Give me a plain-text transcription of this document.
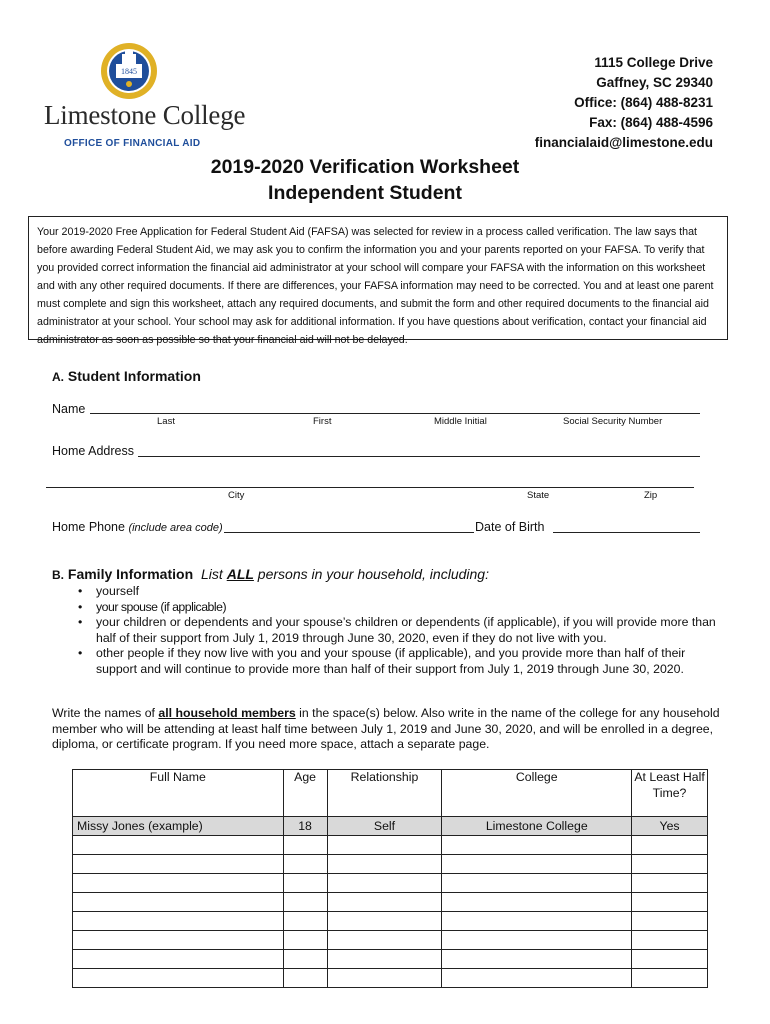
1845
Limestone College
OFFICE OF FINANCIAL AID
1115 College Drive
Gaffney, SC 29340
Office: (864) 488-8231
Fax: (864) 488-4596
financialaid@limestone.edu
2019-2020 Verification Worksheet
Independent Student
Your 2019-2020 Free Application for Federal Student Aid (FAFSA) was selected for review in a process called verification. The law says that before awarding Federal Student Aid, we may ask you to confirm the information you and your parents reported on your FAFSA. To verify that you provided correct information the financial aid administrator at your school will compare your FAFSA with the information on this worksheet and with any other required documents. If there are differences, your FAFSA information may need to be corrected. You and at least one parent must complete and sign this worksheet, attach any required documents, and submit the form and other required documents to the financial aid administrator at your school. Your school may ask for additional information. If you have questions about verification, contact your financial aid administrator as soon as possible so that your financial aid will not be delayed.
A. Student Information
Name
Last	First	Middle Initial	Social Security Number
Home Address
City	State	Zip
Home Phone (include area code)	Date of Birth
B. Family Information List ALL persons in your household, including:
• yourself
• your spouse (if applicable)
• your children or dependents and your spouse’s children or dependents (if applicable), if you will provide more than half of their support from July 1, 2019 through June 30, 2020, even if they do not live with you.
• other people if they now live with you and your spouse (if applicable), and you provide more than half of their support and will continue to provide more than half of their support from July 1, 2019 through June 30, 2020.
Write the names of all household members in the space(s) below. Also write in the name of the college for any household member who will be attending at least half time between July 1, 2019 and June 30, 2020, and will be enrolled in a degree, diploma, or certificate program. If you need more space, attach a separate page.
Full Name	Age	Relationship	College	At Least Half Time?
Missy Jones (example)	18	Self	Limestone College	Yes
